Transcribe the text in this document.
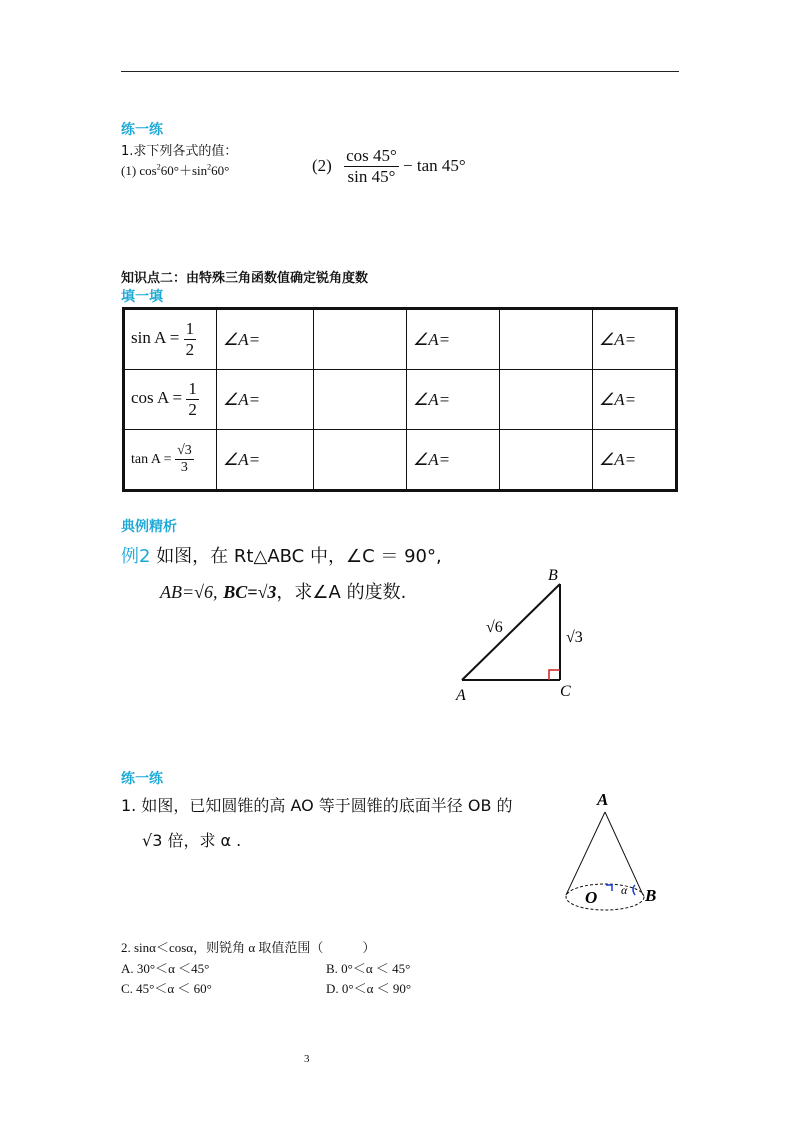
练一练
1.求下列各式的值：
(1) $\cos^260^\circ+\sin^260^\circ$	$(2) \frac{\cos 45^\circ}{\sin 45^\circ} - \tan 45^\circ$
知识点二：由特殊三角函数值确定锐角度数
填一填
$\sin A = \frac{1}{2}$	∠A=		∠A=		∠A=
$\cos A = \frac{1}{2}$	∠A=		∠A=		∠A=
$\tan A = \frac{√3}{3}$	∠A=		∠A=		∠A=
典例精析
例2 如图，在 Rt△ABC 中，∠C ＝ 90°,
AB=√6, BC=√3，求∠A 的度数.
A
B
C
√6
√3
练一练
1. 如图，已知圆锥的高 AO 等于圆锥的底面半径 OB 的
√3 倍，求 α .
A
O α B
2. sinα＜cosα，则锐角 α 取值范围（　　　）
A. 30°＜α ＜45°	B. 0°＜α ＜ 45°
C. 45°＜α ＜ 60°	D. 0°＜α ＜ 90°
3
